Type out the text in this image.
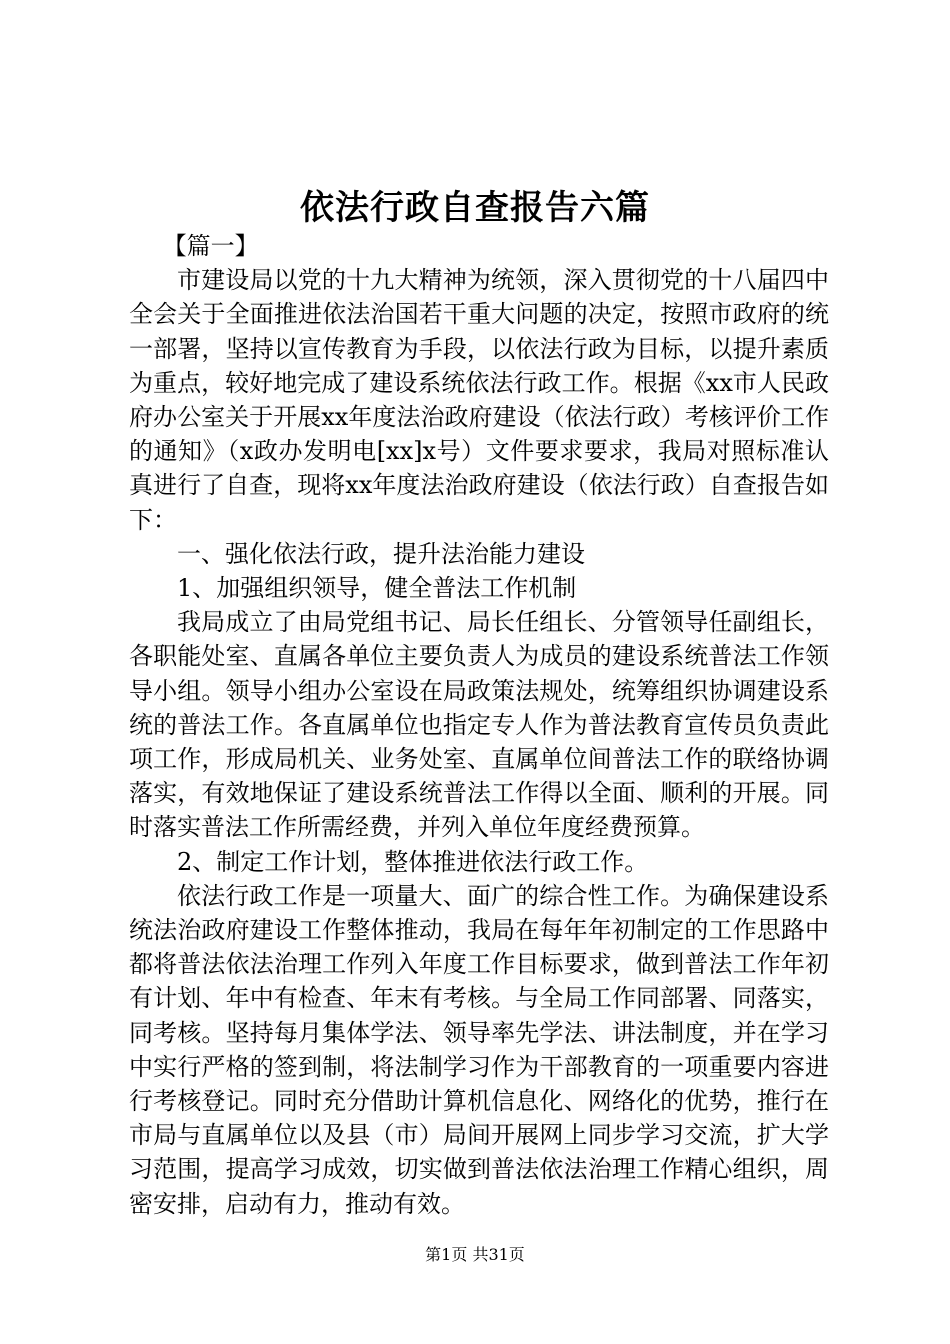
依法行政自查报告六篇

【篇一】

市建设局以党的十九大精神为统领，深入贯彻党的十八届四中全会关于全面推进依法治国若干重大问题的决定，按照市政府的统一部署，坚持以宣传教育为手段，以依法行政为目标，以提升素质为重点，较好地完成了建设系统依法行政工作。根据《xx市人民政府办公室关于开展xx年度法治政府建设（依法行政）考核评价工作的通知》（x政办发明电[xx]x号）文件要求要求，我局对照标准认真进行了自查，现将xx年度法治政府建设（依法行政）自查报告如下：

一、强化依法行政，提升法治能力建设

1、加强组织领导，健全普法工作机制

我局成立了由局党组书记、局长任组长、分管领导任副组长，各职能处室、直属各单位主要负责人为成员的建设系统普法工作领导小组。领导小组办公室设在局政策法规处，统筹组织协调建设系统的普法工作。各直属单位也指定专人作为普法教育宣传员负责此项工作，形成局机关、业务处室、直属单位间普法工作的联络协调落实，有效地保证了建设系统普法工作得以全面、顺利的开展。同时落实普法工作所需经费，并列入单位年度经费预算。

2、制定工作计划，整体推进依法行政工作。

依法行政工作是一项量大、面广的综合性工作。为确保建设系统法治政府建设工作整体推动，我局在每年年初制定的工作思路中都将普法依法治理工作列入年度工作目标要求，做到普法工作年初有计划、年中有检查、年末有考核。与全局工作同部署、同落实，同考核。坚持每月集体学法、领导率先学法、讲法制度，并在学习中实行严格的签到制，将法制学习作为干部教育的一项重要内容进行考核登记。同时充分借助计算机信息化、网络化的优势，推行在市局与直属单位以及县（市）局间开展网上同步学习交流，扩大学习范围，提高学习成效，切实做到普法依法治理工作精心组织，周密安排，启动有力，推动有效。

第1页 共31页
